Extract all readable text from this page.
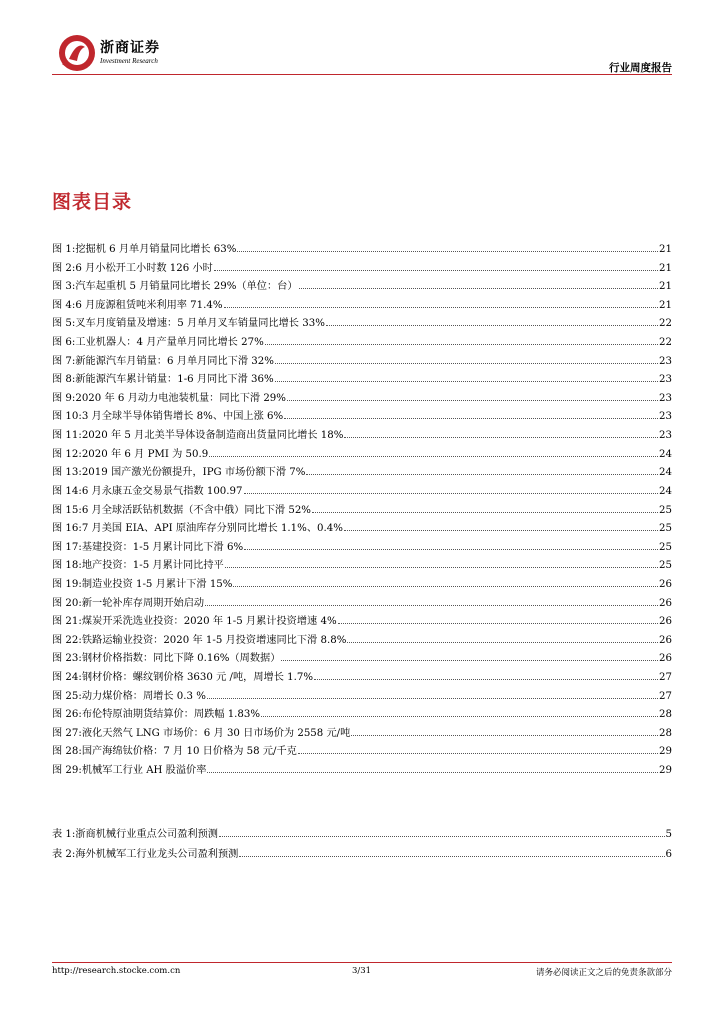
浙商证券
Investment Research
行业周度报告
图表目录
图 1: 挖掘机 6 月单月销量同比增长 63%	21
图 2: 6 月小松开工小时数 126 小时	21
图 3: 汽车起重机 5 月销量同比增长 29%（单位：台）	21
图 4: 6 月庞源租赁吨米利用率 71.4%	21
图 5: 叉车月度销量及增速：5 月单月叉车销量同比增长 33%	22
图 6: 工业机器人：4 月产量单月同比增长 27%	22
图 7: 新能源汽车月销量：6 月单月同比下滑 32%	23
图 8: 新能源汽车累计销量：1-6 月同比下滑 36%	23
图 9: 2020 年 6 月动力电池装机量：同比下滑 29%	23
图 10: 3 月全球半导体销售增长 8%、中国上涨 6%	23
图 11: 2020 年 5 月北美半导体设备制造商出货量同比增长 18%	23
图 12: 2020 年 6 月 PMI 为 50.9	24
图 13: 2019 国产激光份额提升，IPG 市场份额下滑 7%	24
图 14: 6 月永康五金交易景气指数 100.97	24
图 15: 6 月全球活跃钻机数据（不含中俄）同比下滑 52%	25
图 16: 7 月美国 EIA、API 原油库存分别同比增长 1.1%、0.4%	25
图 17: 基建投资：1-5 月累计同比下滑 6%	25
图 18: 地产投资：1-5 月累计同比持平	25
图 19: 制造业投资 1-5 月累计下滑 15%	26
图 20: 新一轮补库存周期开始启动	26
图 21: 煤炭开采洗选业投资：2020 年 1-5 月累计投资增速 4%	26
图 22: 铁路运输业投资：2020 年 1-5 月投资增速同比下滑 8.8%	26
图 23: 钢材价格指数：同比下降 0.16%（周数据）	26
图 24: 钢材价格：螺纹钢价格 3630 元 /吨，周增长 1.7%	27
图 25: 动力煤价格：周增长 0.3 %	27
图 26: 布伦特原油期货结算价：周跌幅 1.83%	28
图 27: 液化天然气 LNG 市场价：6 月 30 日市场价为 2558 元/吨	28
图 28: 国产海绵钛价格：7 月 10 日价格为 58 元/千克	29
图 29: 机械军工行业 AH 股溢价率	29
表 1: 浙商机械行业重点公司盈利预测	5
表 2: 海外机械军工行业龙头公司盈利预测	6
http://research.stocke.com.cn	3/31	请务必阅读正文之后的免责条款部分
